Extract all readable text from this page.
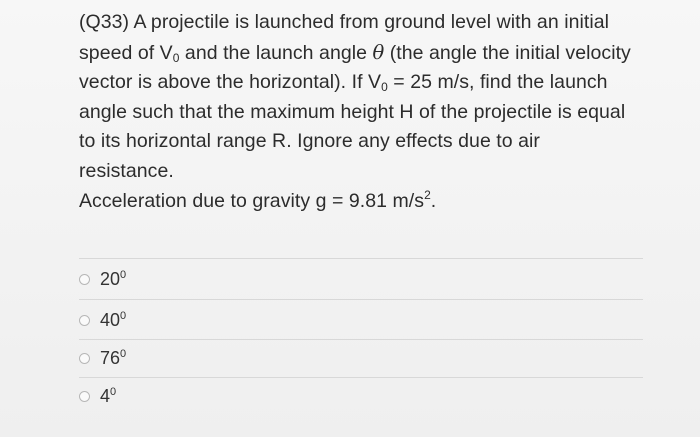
(Q33) A projectile is launched from ground level with an initial
speed of $V_0$ and the launch angle θ (the angle the initial velocity
vector is above the horizontal). If $V_0 = 25$ m/s, find the launch
angle such that the maximum height H of the projectile is equal
to its horizontal range R. Ignore any effects due to air resistance.
Acceleration due to gravity g = 9.81 $m/s^2$.

$20^0$
$40^0$
$76^0$
$4^0$
